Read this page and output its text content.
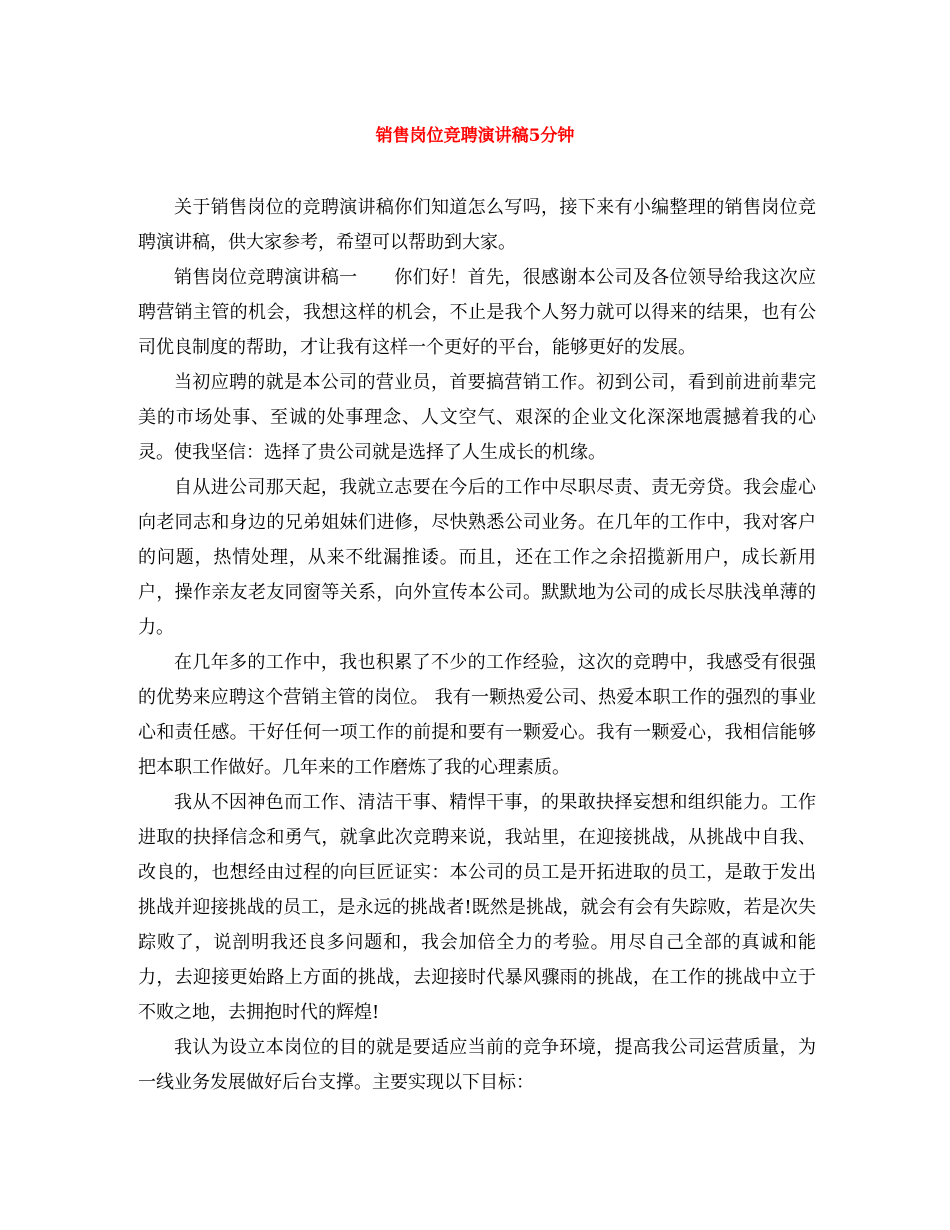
销售岗位竞聘演讲稿5分钟

关于销售岗位的竞聘演讲稿你们知道怎么写吗，接下来有小编整理的销售岗位竞聘演讲稿，供大家参考，希望可以帮助到大家。

销售岗位竞聘演讲稿一　　你们好！首先，很感谢本公司及各位领导给我这次应聘营销主管的机会，我想这样的机会，不止是我个人努力就可以得来的结果，也有公司优良制度的帮助，才让我有这样一个更好的平台，能够更好的发展。

当初应聘的就是本公司的营业员，首要搞营销工作。初到公司，看到前进前辈完美的市场处事、至诚的处事理念、人文空气、艰深的企业文化深深地震撼着我的心灵。使我坚信：选择了贵公司就是选择了人生成长的机缘。

自从进公司那天起，我就立志要在今后的工作中尽职尽责、责无旁贷。我会虚心向老同志和身边的兄弟姐妹们进修，尽快熟悉公司业务。在几年的工作中，我对客户的问题，热情处理，从来不纰漏推诿。而且，还在工作之余招揽新用户，成长新用户，操作亲友老友同窗等关系，向外宣传本公司。默默地为公司的成长尽肤浅单薄的力。

在几年多的工作中，我也积累了不少的工作经验，这次的竞聘中，我感受有很强的优势来应聘这个营销主管的岗位。 我有一颗热爱公司、热爱本职工作的强烈的事业心和责任感。干好任何一项工作的前提和要有一颗爱心。我有一颗爱心，我相信能够把本职工作做好。几年来的工作磨炼了我的心理素质。

我从不因神色而工作、清洁干事、精悍干事，的果敢抉择妄想和组织能力。工作进取的抉择信念和勇气，就拿此次竞聘来说，我站里，在迎接挑战，从挑战中自我、改良的，也想经由过程的向巨匠证实：本公司的员工是开拓进取的员工，是敢于发出挑战并迎接挑战的员工，是永远的挑战者!既然是挑战，就会有会有失踪败，若是次失踪败了，说剖明我还良多问题和，我会加倍全力的考验。用尽自己全部的真诚和能力，去迎接更始路上方面的挑战，去迎接时代暴风骤雨的挑战，在工作的挑战中立于不败之地，去拥抱时代的辉煌!

我认为设立本岗位的目的就是要适应当前的竞争环境，提高我公司运营质量，为一线业务发展做好后台支撑。主要实现以下目标：
